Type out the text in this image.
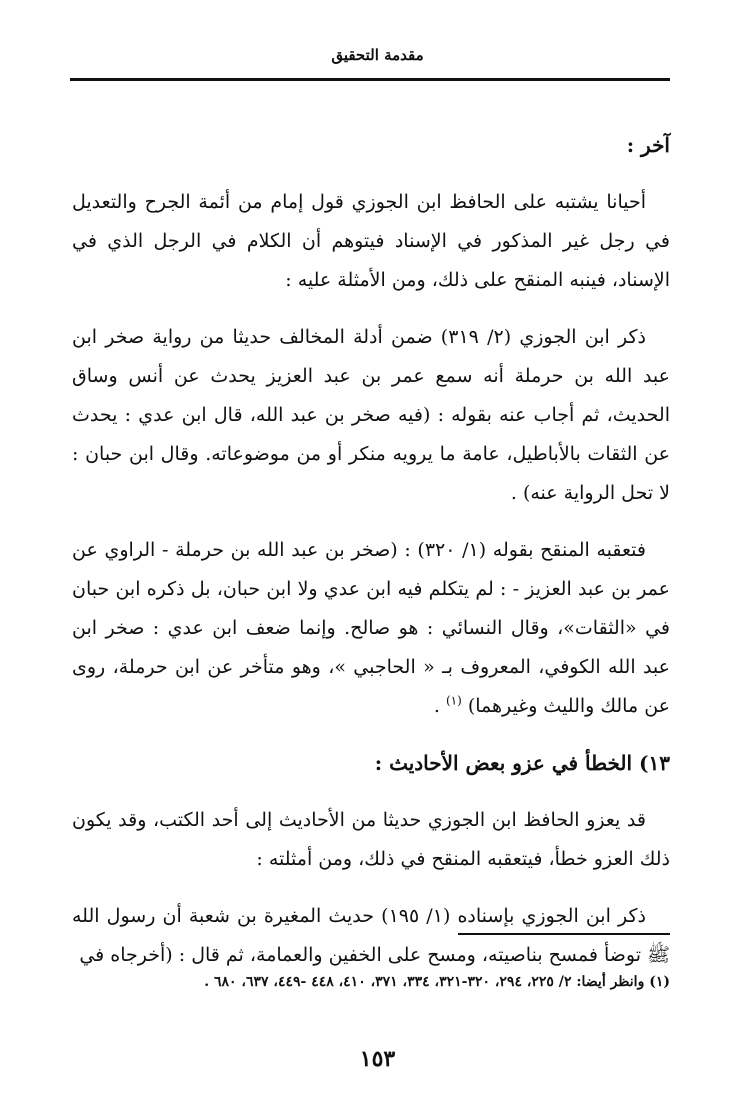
مقدمة التحقيق

آخر :

أحيانا يشتبه على الحافظ ابن الجوزي قول إمام من أئمة الجرح والتعديل في رجل غير المذكور في الإسناد فيتوهم أن الكلام في الرجل الذي في الإسناد، فينبه المنقح على ذلك، ومن الأمثلة عليه :

ذكر ابن الجوزي (٢/ ٣١٩) ضمن أدلة المخالف حديثا من رواية صخر ابن عبد الله بن حرملة أنه سمع عمر بن عبد العزيز يحدث عن أنس وساق الحديث، ثم أجاب عنه بقوله : (فيه صخر بن عبد الله، قال ابن عدي : يحدث عن الثقات بالأباطيل، عامة ما يرويه منكر أو من موضوعاته. وقال ابن حبان : لا تحل الرواية عنه) .

فتعقبه المنقح بقوله (١/ ٣٢٠) : (صخر بن عبد الله بن حرملة - الراوي عن عمر بن عبد العزيز - : لم يتكلم فيه ابن عدي ولا ابن حبان، بل ذكره ابن حبان في «الثقات»، وقال النسائي : هو صالح. وإنما ضعف ابن عدي : صخر ابن عبد الله الكوفي، المعروف بـ « الحاجبي »، وهو متأخر عن ابن حرملة، روى عن مالك والليث وغيرهما) $^{(١)}$ .

١٣) الخطأ في عزو بعض الأحاديث :

قد يعزو الحافظ ابن الجوزي حديثا من الأحاديث إلى أحد الكتب، وقد يكون ذلك العزو خطأ، فيتعقبه المنقح في ذلك، ومن أمثلته :

ذكر ابن الجوزي بإسناده (١/ ١٩٥) حديث المغيرة بن شعبة أن رسول الله ﷺ توضأ فمسح بناصيته، ومسح على الخفين والعمامة، ثم قال : (أخرجاه في

(١) وانظر أيضا: ٢/ ٢٢٥، ٢٩٤، ٣٢٠-٣٢١، ٣٣٤، ٣٧١، ٤١٠، ٤٤٨ -٤٤٩، ٦٣٧، ٦٨٠ .
١٥٣
